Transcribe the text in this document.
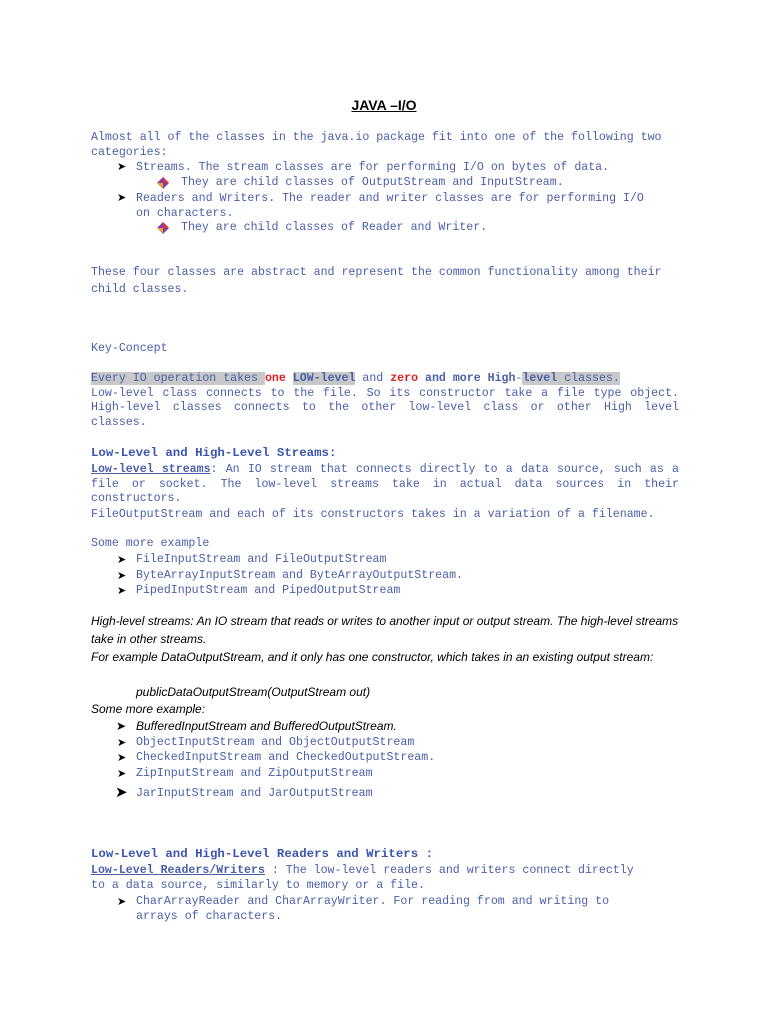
JAVA –I/O
Almost all of the classes in the java.io package fit into one of the following two categories:
➤ Streams. The stream classes are for performing I/O on bytes of data.
They are child classes of OutputStream and InputStream.
➤ Readers and Writers. The reader and writer classes are for performing I/O on characters.
They are child classes of Reader and Writer.
These four classes are abstract and represent the common functionality among their child classes.
Key-Concept
Every IO operation takes one LOW-level and zero and more High-level classes.
Low-level class connects to the file. So its constructor take a file type object. High-level classes connects to the other low-level class or other High level classes.
Low-Level and High-Level Streams:
Low-level streams: An IO stream that connects directly to a data source, such as a file or socket. The low-level streams take in actual data sources in their constructors.
FileOutputStream and each of its constructors takes in a variation of a filename.
Some more example
➤ FileInputStream and FileOutputStream
➤ ByteArrayInputStream and ByteArrayOutputStream.
➤ PipedInputStream and PipedOutputStream
High-level streams: An IO stream that reads or writes to another input or output stream. The high-level streams take in other streams.
For example DataOutputStream, and it only has one constructor, which takes in an existing output stream:
publicDataOutputStream(OutputStream out)
Some more example:
➤ BufferedInputStream and BufferedOutputStream.
➤ ObjectInputStream and ObjectOutputStream
➤ CheckedInputStream and CheckedOutputStream.
➤ ZipInputStream and ZipOutputStream
➤ JarInputStream and JarOutputStream
Low-Level and High-Level Readers and Writers :
Low-Level Readers/Writers : The low-level readers and writers connect directly to a data source, similarly to memory or a file.
➤ CharArrayReader and CharArrayWriter. For reading from and writing to arrays of characters.
